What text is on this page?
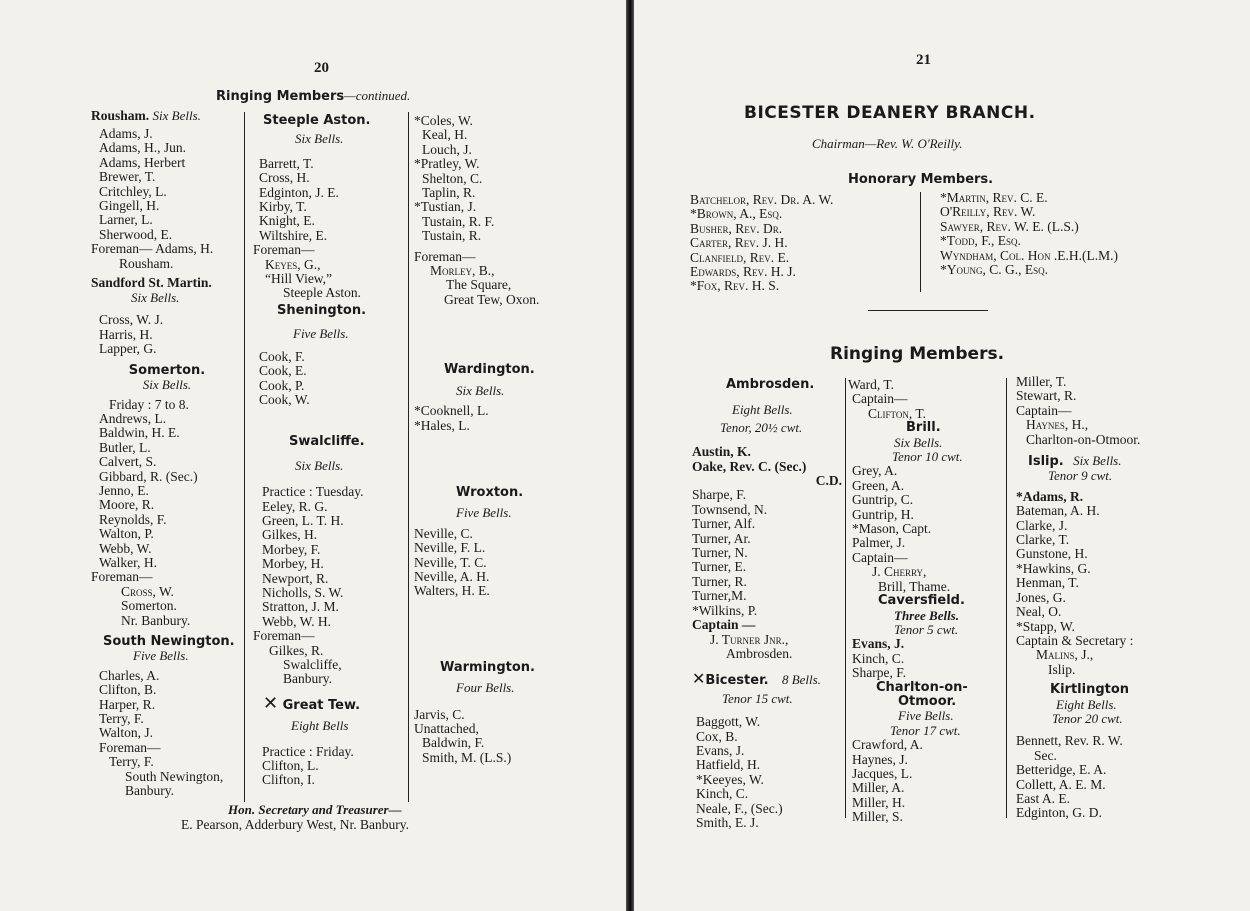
20
Ringing Members—continued.
Rousham. Six Bells.
Adams, J.
Adams, H., Jun.
Adams, Herbert
Brewer, T.
Critchley, L.
Gingell, H.
Larner, L.
Sherwood, E.
Foreman— Adams, H.
Rousham.
Sandford St. Martin.
Six Bells.
Cross, W. J.
Harris, H.
Lapper, G.
Somerton.
Six Bells.
Friday : 7 to 8.
Andrews, L.
Baldwin, H. E.
Butler, L.
Calvert, S.
Gibbard, R. (Sec.)
Jenno, E.
Moore, R.
Reynolds, F.
Walton, P.
Webb, W.
Walker, H.
Foreman—
Cross, W.
Somerton.
Nr. Banbury.
South Newington.
Five Bells.
Charles, A.
Clifton, B.
Harper, R.
Terry, F.
Walton, J.
Foreman—
Terry, F.
South Newington,
Banbury.
Steeple Aston.
Six Bells.
Barrett, T.
Cross, H.
Edginton, J. E.
Kirby, T.
Knight, E.
Wiltshire, E.
Foreman—
Keyes, G.,
“Hill View,”
Steeple Aston.
Shenington.
Five Bells.
Cook, F.
Cook, E.
Cook, P.
Cook, W.
Swalcliffe.
Six Bells.
Practice : Tuesday.
Eeley, R. G.
Green, L. T. H.
Gilkes, H.
Morbey, F.
Morbey, H.
Newport, R.
Nicholls, S. W.
Stratton, J. M.
Webb, W. H.
Foreman—
Gilkes, R.
Swalcliffe,
Banbury.
✕ Great Tew.
Eight Bells
Practice : Friday.
Clifton, L.
Clifton, I.
*Coles, W.
Keal, H.
Louch, J.
*Pratley, W.
Shelton, C.
Taplin, R.
*Tustian, J.
Tustain, R. F.
Tustain, R.
Foreman—
Morley, B.,
The Square,
Great Tew, Oxon.
Wardington.
Six Bells.
*Cooknell, L.
*Hales, L.
Wroxton.
Five Bells.
Neville, C.
Neville, F. L.
Neville, T. C.
Neville, A. H.
Walters, H. E.
Warmington.
Four Bells.
Jarvis, C.
Unattached,
Baldwin, F.
Smith, M. (L.S.)
Hon. Secretary and Treasurer—
E. Pearson, Adderbury West, Nr. Banbury.
21
BICESTER DEANERY BRANCH.
Chairman—Rev. W. O'Reilly.
Honorary Members.
Batchelor, Rev. Dr. A. W.
*Brown, A., Esq.
Busher, Rev. Dr.
Carter, Rev. J. H.
Clanfield, Rev. E.
Edwards, Rev. H. J.
*Fox, Rev. H. S.
*Martin, Rev. C. E.
O'Reilly, Rev. W.
Sawyer, Rev. W. E. (L.S.)
*Todd, F., Esq.
Wyndham, Col. Hon .E.H.(L.M.)
*Young, C. G., Esq.
Ringing Members.
Ambrosden.
Eight Bells.
Tenor, 20½ cwt.
Austin, K.
Oake, Rev. C. (Sec.)
C.D.
Sharpe, F.
Townsend, N.
Turner, Alf.
Turner, Ar.
Turner, N.
Turner, E.
Turner, R.
Turner,M.
*Wilkins, P.
Captain —
J. Turner Jnr.,
Ambrosden.
✕Bicester. 8 Bells.
Tenor 15 cwt.
Baggott, W.
Cox, B.
Evans, J.
Hatfield, H.
*Keeyes, W.
Kinch, C.
Neale, F., (Sec.)
Smith, E. J.
Ward, T.
Captain—
Clifton, T.
Brill.
Six Bells.
Tenor 10 cwt.
Grey, A.
Green, A.
Guntrip, C.
Guntrip, H.
*Mason, Capt.
Palmer, J.
Captain—
J. Cherry,
Brill, Thame.
Caversfield.
Three Bells.
Tenor 5 cwt.
Evans, J.
Kinch, C.
Sharpe, F.
Charlton-on-
Otmoor.
Five Bells.
Tenor 17 cwt.
Crawford, A.
Haynes, J.
Jacques, L.
Miller, A.
Miller, H.
Miller, S.
Miller, T.
Stewart, R.
Captain—
Haynes, H.,
Charlton-on-Otmoor.
Islip. Six Bells.
Tenor 9 cwt.
*Adams, R.
Bateman, A. H.
Clarke, J.
Clarke, T.
Gunstone, H.
*Hawkins, G.
Henman, T.
Jones, G.
Neal, O.
*Stapp, W.
Captain & Secretary :
Malins, J.,
Islip.
Kirtlington
Eight Bells.
Tenor 20 cwt.
Bennett, Rev. R. W.
Sec.
Betteridge, E. A.
Collett, A. E. M.
East A. E.
Edginton, G. D.
